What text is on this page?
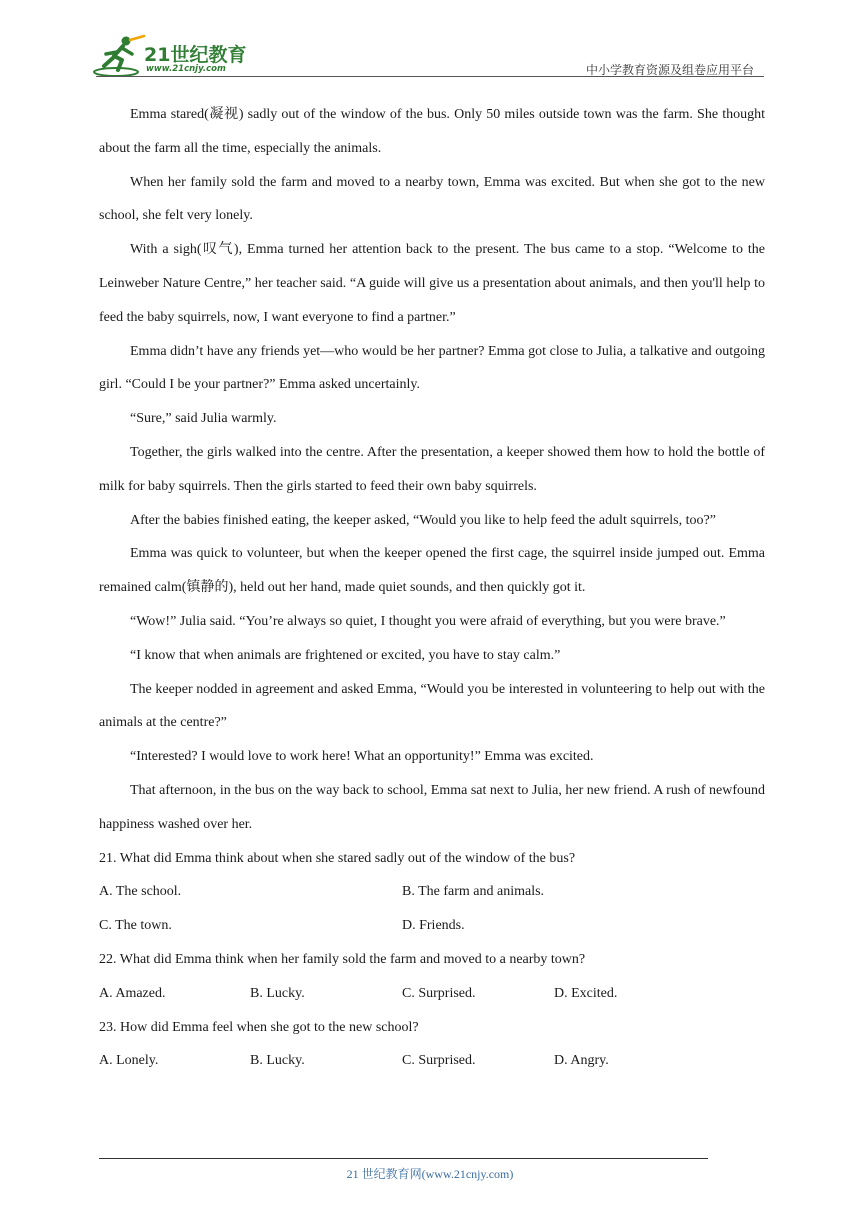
21世纪教育
www.21cnjy.com	中小学教育资源及组卷应用平台

Emma stared(凝视) sadly out of the window of the bus. Only 50 miles outside town was the farm. She thought about the farm all the time, especially the animals.

When her family sold the farm and moved to a nearby town, Emma was excited. But when she got to the new school, she felt very lonely.

With a sigh(叹气), Emma turned her attention back to the present. The bus came to a stop. “Welcome to the Leinweber Nature Centre,” her teacher said. “A guide will give us a presentation about animals, and then you'll help to feed the baby squirrels, now, I want everyone to find a partner.”

Emma didn’t have any friends yet—who would be her partner? Emma got close to Julia, a talkative and outgoing girl. “Could I be your partner?” Emma asked uncertainly.

“Sure,” said Julia warmly.

Together, the girls walked into the centre. After the presentation, a keeper showed them how to hold the bottle of milk for baby squirrels. Then the girls started to feed their own baby squirrels.

After the babies finished eating, the keeper asked, “Would you like to help feed the adult squirrels, too?”

Emma was quick to volunteer, but when the keeper opened the first cage, the squirrel inside jumped out. Emma remained calm(镇静的), held out her hand, made quiet sounds, and then quickly got it.

“Wow!” Julia said. “You’re always so quiet, I thought you were afraid of everything, but you were brave.”

“I know that when animals are frightened or excited, you have to stay calm.”

The keeper nodded in agreement and asked Emma, “Would you be interested in volunteering to help out with the animals at the centre?”

“Interested? I would love to work here! What an opportunity!” Emma was excited.

That afternoon, in the bus on the way back to school, Emma sat next to Julia, her new friend. A rush of newfound happiness washed over her.

21. What did Emma think about when she stared sadly out of the window of the bus?

A. The school.	B. The farm and animals.
C. The town.	D. Friends.

22. What did Emma think when her family sold the farm and moved to a nearby town?

A. Amazed.	B. Lucky.	C. Surprised.	D. Excited.

23. How did Emma feel when she got to the new school?

A. Lonely.	B. Lucky.	C. Surprised.	D. Angry.
21 世纪教育网(www.21cnjy.com)
